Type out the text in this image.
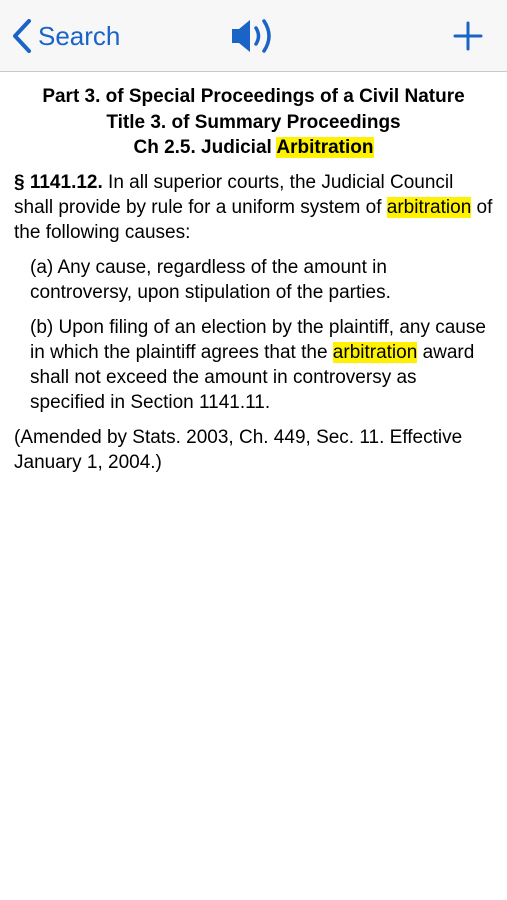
Search
Part 3. of Special Proceedings of a Civil Nature
Title 3. of Summary Proceedings
Ch 2.5. Judicial Arbitration

§ 1141.12. In all superior courts, the Judicial Council shall provide by rule for a uniform system of arbitration of the following causes:

(a) Any cause, regardless of the amount in controversy, upon stipulation of the parties.

(b) Upon filing of an election by the plaintiff, any cause in which the plaintiff agrees that the arbitration award shall not exceed the amount in controversy as specified in Section 1141.11.

(Amended by Stats. 2003, Ch. 449, Sec. 11. Effective January 1, 2004.)
